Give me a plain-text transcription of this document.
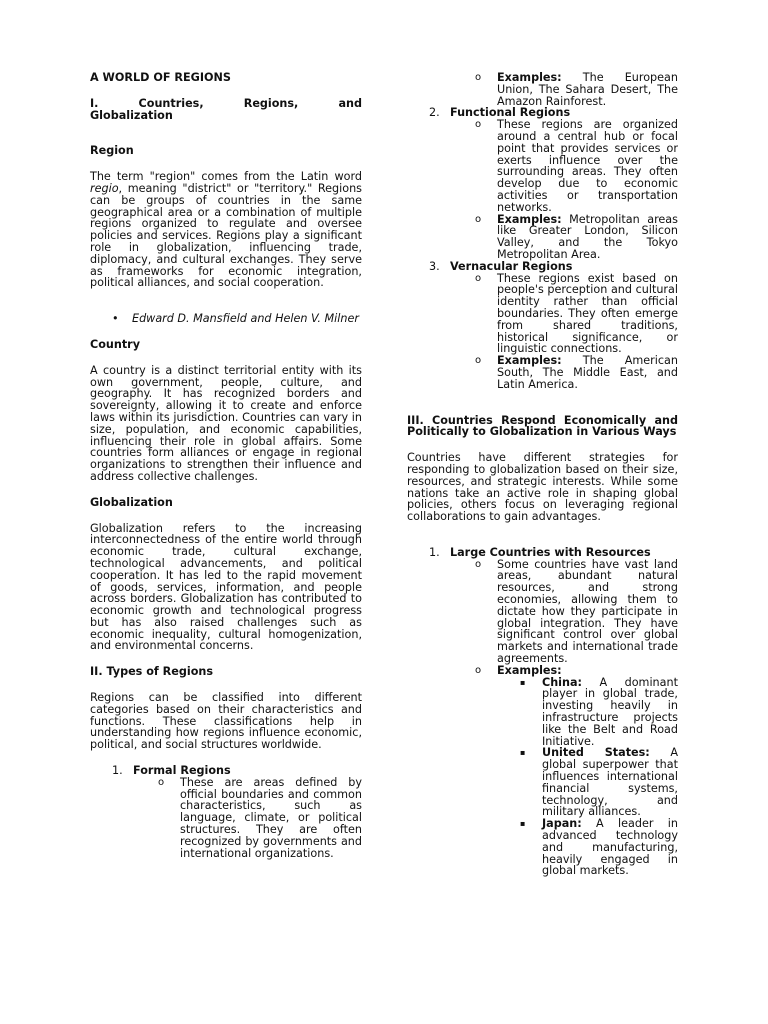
A WORLD OF REGIONS

I.	Countries,	Regions,	and

Globalization

Region

The term "region" comes from the Latin word regio, meaning "district" or "territory." Regions can be groups of countries in the same geographical area or a combination of multiple regions organized to regulate and oversee policies and services. Regions play a significant role in globalization, influencing trade, diplomacy, and cultural exchanges. They serve as frameworks for economic integration, political alliances, and social cooperation.

•	Edward D. Mansfield and Helen V. Milner

Country

A country is a distinct territorial entity with its own government, people, culture, and geography. It has recognized borders and sovereignty, allowing it to create and enforce laws within its jurisdiction. Countries can vary in size, population, and economic capabilities, influencing their role in global affairs. Some countries form alliances or engage in regional organizations to strengthen their influence and address collective challenges.

Globalization

Globalization refers to the increasing interconnectedness of the entire world through economic trade, cultural exchange, technological advancements, and political cooperation. It has led to the rapid movement of goods, services, information, and people across borders. Globalization has contributed to economic growth and technological progress but has also raised challenges such as economic inequality, cultural homogenization, and environmental concerns.

II. Types of Regions

Regions can be classified into different categories based on their characteristics and functions. These classifications help in understanding how regions influence economic, political, and social structures worldwide.

1. Formal Regions
o	These are areas defined by official boundaries and common characteristics, such as language, climate, or political structures. They are often recognized by governments and international organizations.
o	Examples: The European Union, The Sahara Desert, The Amazon Rainforest.
2. Functional Regions
o	These regions are organized around a central hub or focal point that provides services or exerts influence over the surrounding areas. They often develop due to economic activities or transportation networks.
o	Examples: Metropolitan areas like Greater London, Silicon Valley, and the Tokyo Metropolitan Area.
3. Vernacular Regions
o	These regions exist based on people's perception and cultural identity rather than official boundaries. They often emerge from shared traditions, historical significance, or linguistic connections.
o	Examples: The American South, The Middle East, and Latin America.

III. Countries Respond Economically and Politically to Globalization in Various Ways

Countries have different strategies for responding to globalization based on their size, resources, and strategic interests. While some nations take an active role in shaping global policies, others focus on leveraging regional collaborations to gain advantages.

1. Large Countries with Resources
o	Some countries have vast land areas, abundant natural resources, and strong economies, allowing them to dictate how they participate in global integration. They have significant control over global markets and international trade agreements.
o	Examples:
▪	China: A dominant player in global trade, investing heavily in infrastructure projects like the Belt and Road Initiative.
▪	United States: A global superpower that influences international financial systems, technology, and military alliances.
▪	Japan: A leader in advanced technology and manufacturing, heavily engaged in global markets.
